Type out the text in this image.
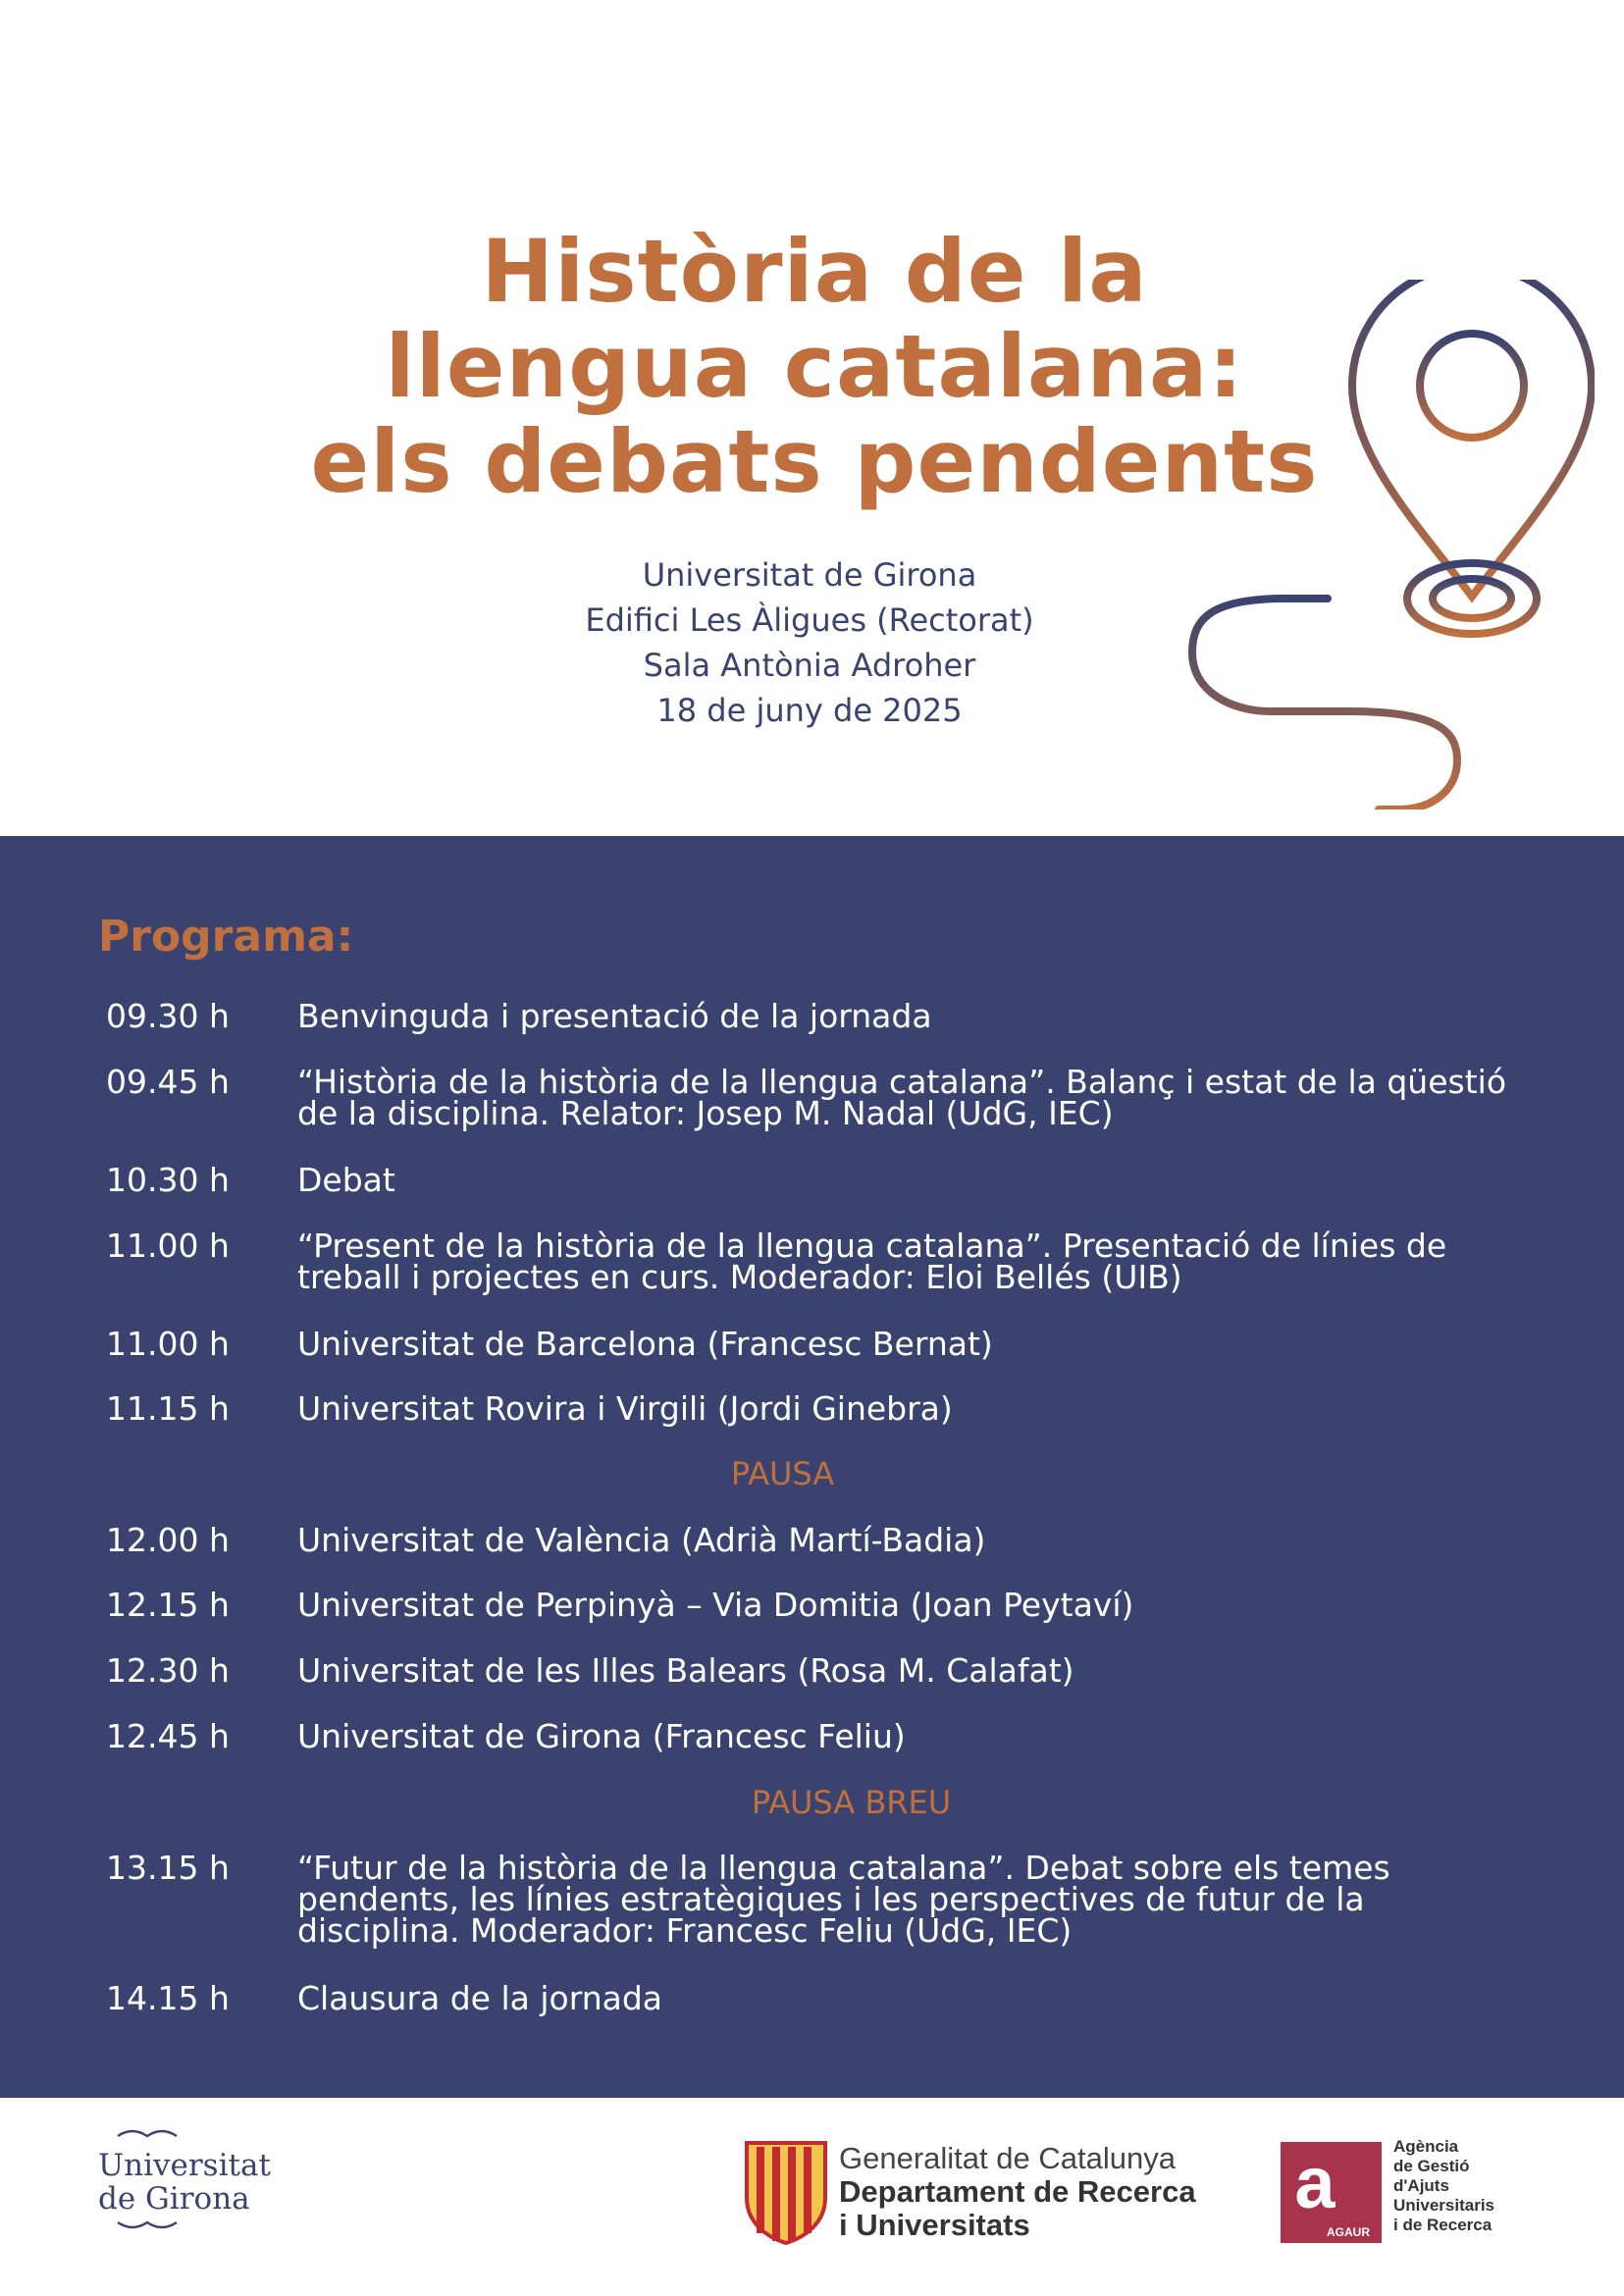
Història de la
llengua catalana:
els debats pendents
Universitat de Girona
Edifici Les Àligues (Rectorat)
Sala Antònia Adroher
18 de juny de 2025
Programa:
09.30 h	Benvinguda i presentació de la jornada
09.45 h	“Història de la història de la llengua catalana”. Balanç i estat de la qüestió
de la disciplina. Relator: Josep M. Nadal (UdG, IEC)
10.30 h	Debat
11.00 h	“Present de la història de la llengua catalana”. Presentació de línies de
treball i projectes en curs. Moderador: Eloi Bellés (UIB)
11.00 h	Universitat de Barcelona (Francesc Bernat)
11.15 h	Universitat Rovira i Virgili (Jordi Ginebra)
PAUSA
12.00 h	Universitat de València (Adrià Martí-Badia)
12.15 h	Universitat de Perpinyà – Via Domitia (Joan Peytaví)
12.30 h	Universitat de les Illes Balears (Rosa M. Calafat)
12.45 h	Universitat de Girona (Francesc Feliu)
PAUSA BREU
13.15 h	“Futur de la història de la llengua catalana”. Debat sobre els temes
pendents, les línies estratègiques i les perspectives de futur de la
disciplina. Moderador: Francesc Feliu (UdG, IEC)
14.15 h	Clausura de la jornada
Universitat
de Girona
Generalitat de Catalunya
Departament de Recerca
i Universitats
a
AGAUR
Agència
de Gestió
d'Ajuts
Universitaris
i de Recerca
